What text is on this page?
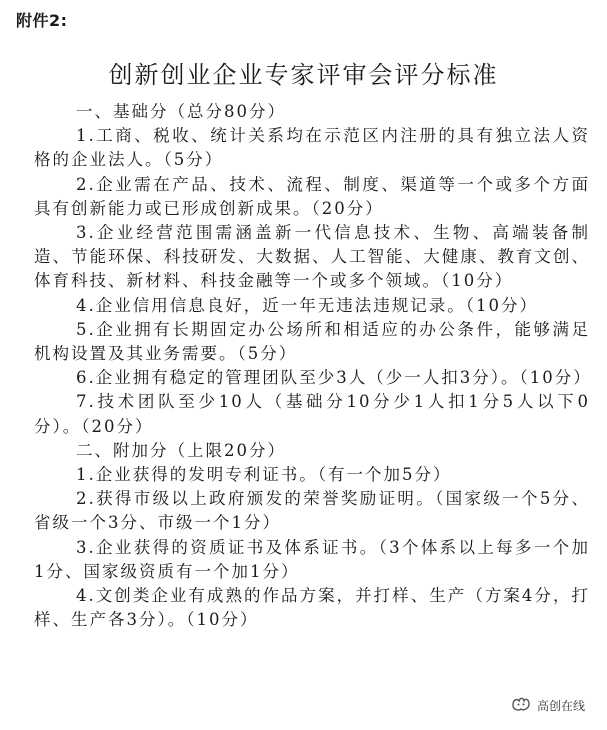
附件2:
创新创业企业专家评审会评分标准

一、基础分（总分80分）

1.工商、税收、统计关系均在示范区内注册的具有独立法人资格的企业法人。（5分）

2.企业需在产品、技术、流程、制度、渠道等一个或多个方面具有创新能力或已形成创新成果。（20分）

3.企业经营范围需涵盖新一代信息技术、生物、高端装备制造、节能环保、科技研发、大数据、人工智能、大健康、教育文创、体育科技、新材料、科技金融等一个或多个领域。（10分）

4.企业信用信息良好，近一年无违法违规记录。（10分）

5.企业拥有长期固定办公场所和相适应的办公条件，能够满足机构设置及其业务需要。（5分）

6.企业拥有稳定的管理团队至少3人（少一人扣3分）。（10分）

7.技术团队至少10人（基础分10分少1人扣1分5人以下0分）。（20分）

二、附加分（上限20分）

1.企业获得的发明专利证书。（有一个加5分）

2.获得市级以上政府颁发的荣誉奖励证明。（国家级一个5分、省级一个3分、市级一个1分）

3.企业获得的资质证书及体系证书。（3个体系以上每多一个加1分、国家级资质有一个加1分）

4.文创类企业有成熟的作品方案，并打样、生产（方案4分，打样、生产各3分）。（10分）

高创在线
